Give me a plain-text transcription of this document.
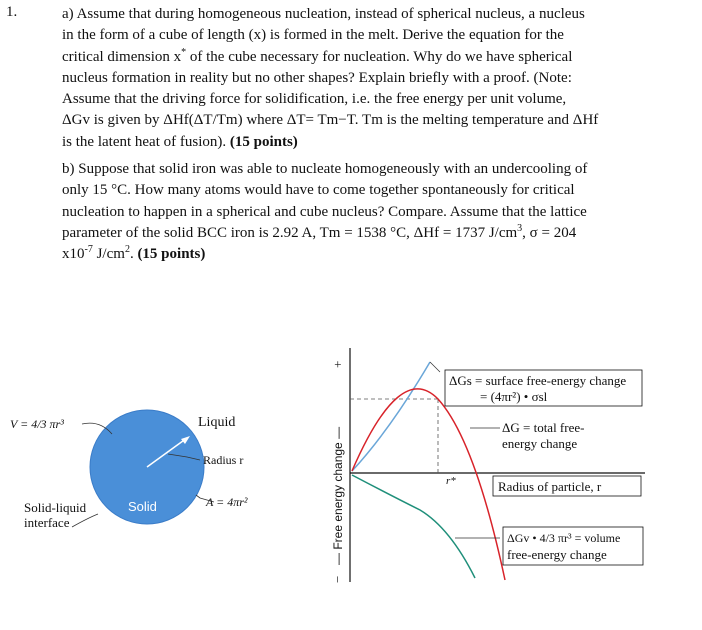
1.	a) Assume that during homogeneous nucleation, instead of spherical nucleus, a nucleus
in the form of a cube of length (x) is formed in the melt. Derive the equation for the
critical dimension x* of the cube necessary for nucleation. Why do we have spherical
nucleus formation in reality but no other shapes? Explain briefly with a proof. (Note:
Assume that the driving force for solidification, i.e. the free energy per unit volume,
ΔGv is given by ΔHf(ΔT/Tm) where ΔT= Tm−T. Tm is the melting temperature and ΔHf
is the latent heat of fusion). (15 points)
b) Suppose that solid iron was able to nucleate homogeneously with an undercooling of
only 15 °C. How many atoms would have to come together spontaneously for critical
nucleation to happen in a spherical and cube nucleus? Compare. Assume that the lattice
parameter of the solid BCC iron is 2.92 A, Tm = 1538 °C, ΔHf = 1737 $J/cm^3$, σ = 204
$x10^{-7}$ $J/cm^2$. (15 points)
V = 4/3 πr³	Liquid
Radius r
Solid
Solid-liquid
interface
A = 4πr²
−
— Free energy change —
+
r*
ΔGs = surface free-energy change
= (4πr²) • σsl
ΔG = total free-
energy change
Radius of particle, r
ΔGv • 4/3 πr³ = volume
free-energy change
